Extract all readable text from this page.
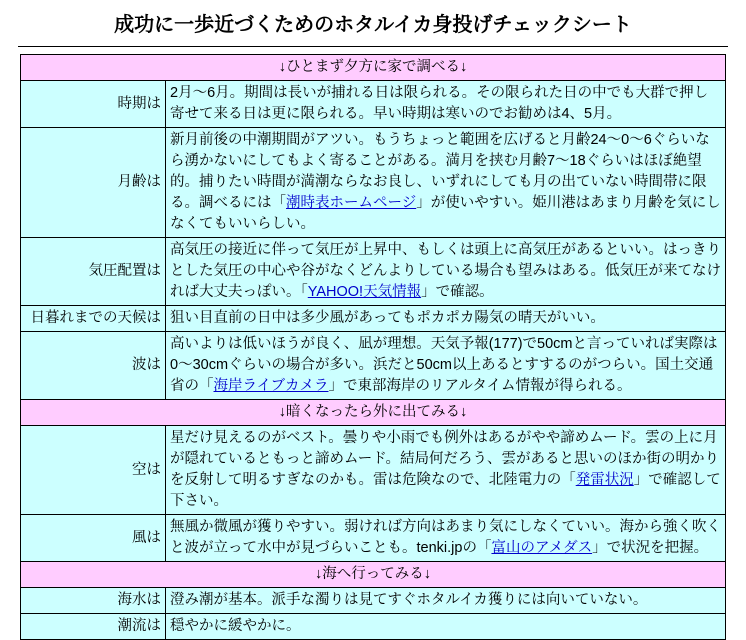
成功に一歩近づくためのホタルイカ身投げチェックシート
↓ひとまず夕方に家で調べる↓	
時期は	2月〜6月。期間は長いが捕れる日は限られる。その限られた日の中でも大群で押し寄せて来る日は更に限られる。早い時期は寒いのでお勧めは4、5月。
月齢は	新月前後の中潮期間がアツい。もうちょっと範囲を広げると月齢24〜0〜6ぐらいなら湧かないにしてもよく寄ることがある。満月を挟む月齢7〜18ぐらいはほぼ絶望的。捕りたい時間が満潮ならなお良し、いずれにしても月の出ていない時間帯に限る。調べるには「潮時表ホームページ」が使いやすい。姫川港はあまり月齢を気にしなくてもいいらしい。
気圧配置は	高気圧の接近に伴って気圧が上昇中、もしくは頭上に高気圧があるといい。はっきりとした気圧の中心や谷がなくどんよりしている場合も望みはある。低気圧が来てなければ大丈夫っぽい。「YAHOO!天気情報」で確認。
日暮れまでの天候は	狙い目直前の日中は多少風があってもポカポカ陽気の晴天がいい。
波は	高いよりは低いほうが良く、凪が理想。天気予報(177)で50cmと言っていれば実際は0〜30cmぐらいの場合が多い。浜だと50cm以上あるとすするのがつらい。国土交通省の「海岸ライブカメラ」で東部海岸のリアルタイム情報が得られる。
↓暗くなったら外に出てみる↓	
空は	星だけ見えるのがベスト。曇りや小雨でも例外はあるがやや諦めムード。雲の上に月が隠れているともっと諦めムード。結局何だろう、雲があると思いのほか街の明かりを反射して明るすぎなのかも。雷は危険なので、北陸電力の「発雷状況」で確認して下さい。
風は	無風か微風が獲りやすい。弱ければ方向はあまり気にしなくていい。海から強く吹くと波が立って水中が見づらいことも。tenki.jpの「富山のアメダス」で状況を把握。
↓海へ行ってみる↓	
海水は	澄み潮が基本。派手な濁りは見てすぐホタルイカ獲りには向いていない。
潮流は	穏やかに緩やかに。
